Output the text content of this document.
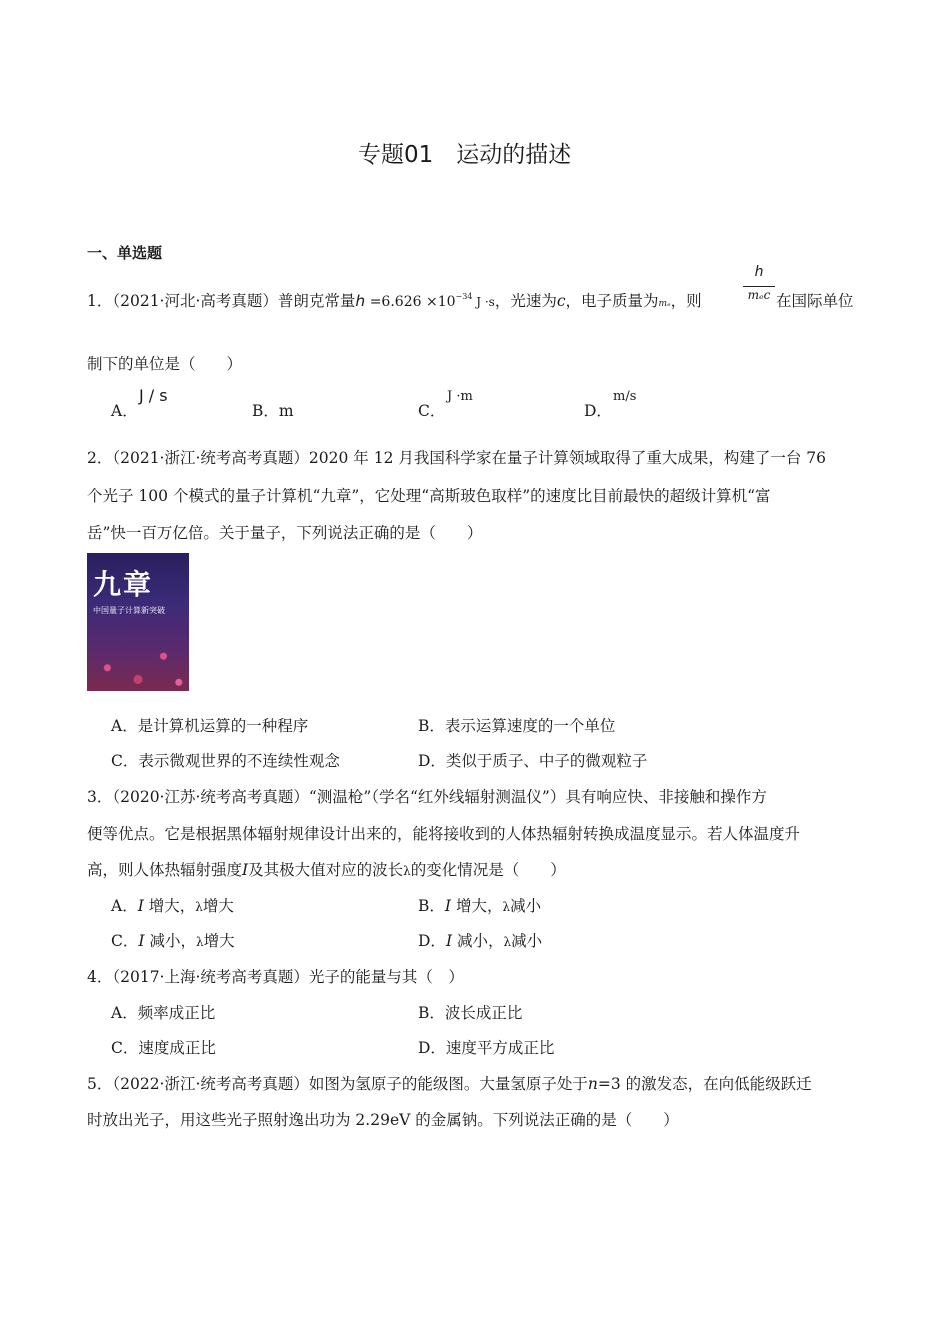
专题01　运动的描述
一、单选题
1．（2021·河北·高考真题）普朗克常量$h =6.626 \times 10^{-34}$ J ·s，光速为c，电子质量为mₑ，则
h
mₑc 在国际单位
制下的单位是（　　）
A．
J / s
B．m	C．
J ·m
D．
m/s
2．（2021·浙江·统考高考真题）2020 年 12 月我国科学家在量子计算领域取得了重大成果，构建了一台 76
个光子 100 个模式的量子计算机“九章”，它处理“高斯玻色取样”的速度比目前最快的超级计算机“富
岳”快一百万亿倍。关于量子，下列说法正确的是（　　）
九章
中国量子计算新突破
A．是计算机运算的一种程序	B．表示运算速度的一个单位
C．表示微观世界的不连续性观念	D．类似于质子、中子的微观粒子
3．（2020·江苏·统考高考真题）“测温枪”（学名“红外线辐射测温仪”）具有响应快、非接触和操作方
便等优点。它是根据黑体辐射规律设计出来的，能将接收到的人体热辐射转换成温度显示。若人体温度升
高，则人体热辐射强度I及其极大值对应的波长λ的变化情况是（　　）
A．I 增大，λ增大	B．I 增大，λ减小
C．I 减小，λ增大	D．I 减小，λ减小
4．（2017·上海·统考高考真题）光子的能量与其（　）
A．频率成正比	B．波长成正比
C．速度成正比	D．速度平方成正比
5．（2022·浙江·统考高考真题）如图为氢原子的能级图。大量氢原子处于n=3 的激发态，在向低能级跃迁
时放出光子，用这些光子照射逸出功为 2.29eV 的金属钠。下列说法正确的是（　　）
